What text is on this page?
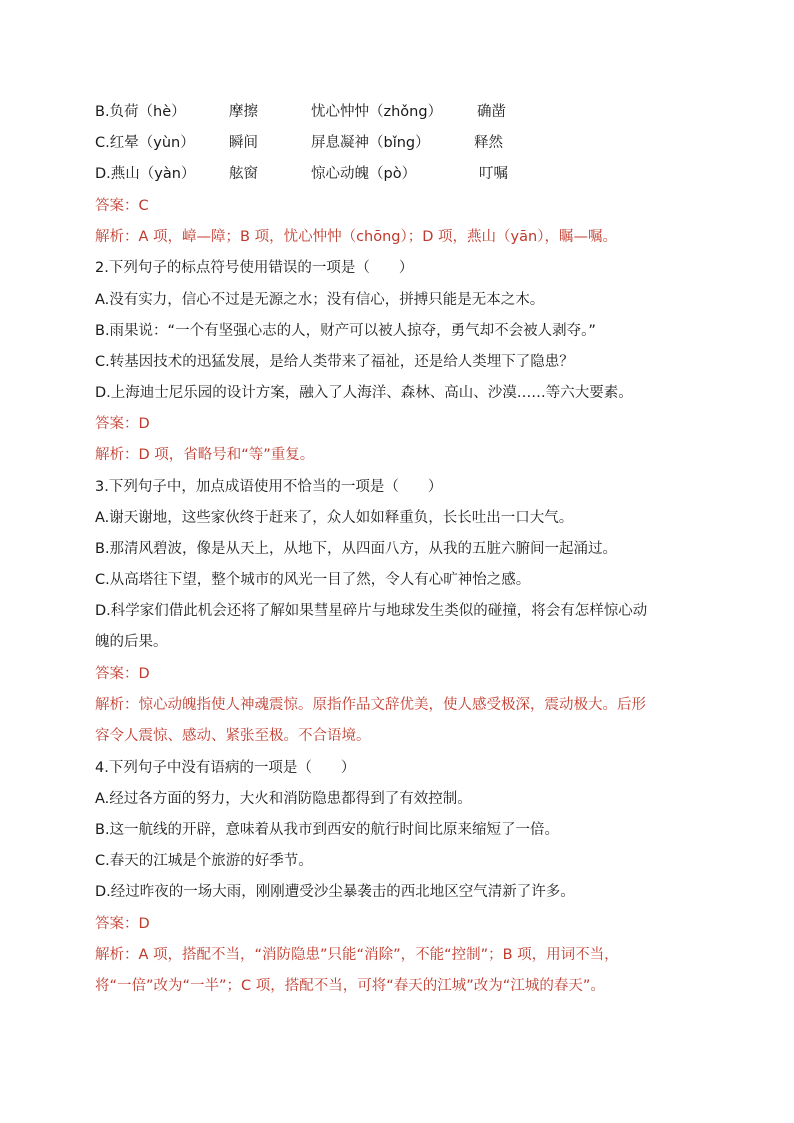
B.负荷（hè）	摩擦	忧心忡忡（zhǒng） 确凿
C.红晕（yùn） 瞬间	屏息凝神（bǐng）	释然
D.燕山（yàn） 舷窗	惊心动魄（pò）	叮嘱
答案：C
解析：A 项，嶂—障；B 项，忧心忡忡（chōng）；D 项，燕山（yān），瞩—嘱。
2.下列句子的标点符号使用错误的一项是（　　）
A.没有实力，信心不过是无源之水；没有信心，拼搏只能是无本之木。
B.雨果说：“一个有坚强心志的人，财产可以被人掠夺，勇气却不会被人剥夺。”
C.转基因技术的迅猛发展，是给人类带来了福祉，还是给人类埋下了隐患？
D.上海迪士尼乐园的设计方案，融入了人海洋、森林、高山、沙漠……等六大要素。
答案：D
解析：D 项，省略号和“等”重复。
3.下列句子中，加点成语使用不恰当的一项是（　　）
A.谢天谢地，这些家伙终于赶来了，众人如如释重负，长长吐出一口大气。
B.那清风碧波，像是从天上，从地下，从四面八方，从我的五脏六腑间一起涌过。
C.从高塔往下望，整个城市的风光一目了然，令人有心旷神怡之感。
D.科学家们借此机会还将了解如果彗星碎片与地球发生类似的碰撞，将会有怎样惊心动
魄的后果。
答案：D
解析：惊心动魄指使人神魂震惊。原指作品文辞优美，使人感受极深，震动极大。后形
容令人震惊、感动、紧张至极。不合语境。
4.下列句子中没有语病的一项是（　　）
A.经过各方面的努力，大火和消防隐患都得到了有效控制。
B.这一航线的开辟，意味着从我市到西安的航行时间比原来缩短了一倍。
C.春天的江城是个旅游的好季节。
D.经过昨夜的一场大雨，刚刚遭受沙尘暴袭击的西北地区空气清新了许多。
答案：D
解析：A 项，搭配不当，“消防隐患”只能“消除”，不能“控制”；B 项，用词不当，
将“一倍”改为“一半”；C 项，搭配不当，可将“春天的江城”改为“江城的春天”。
